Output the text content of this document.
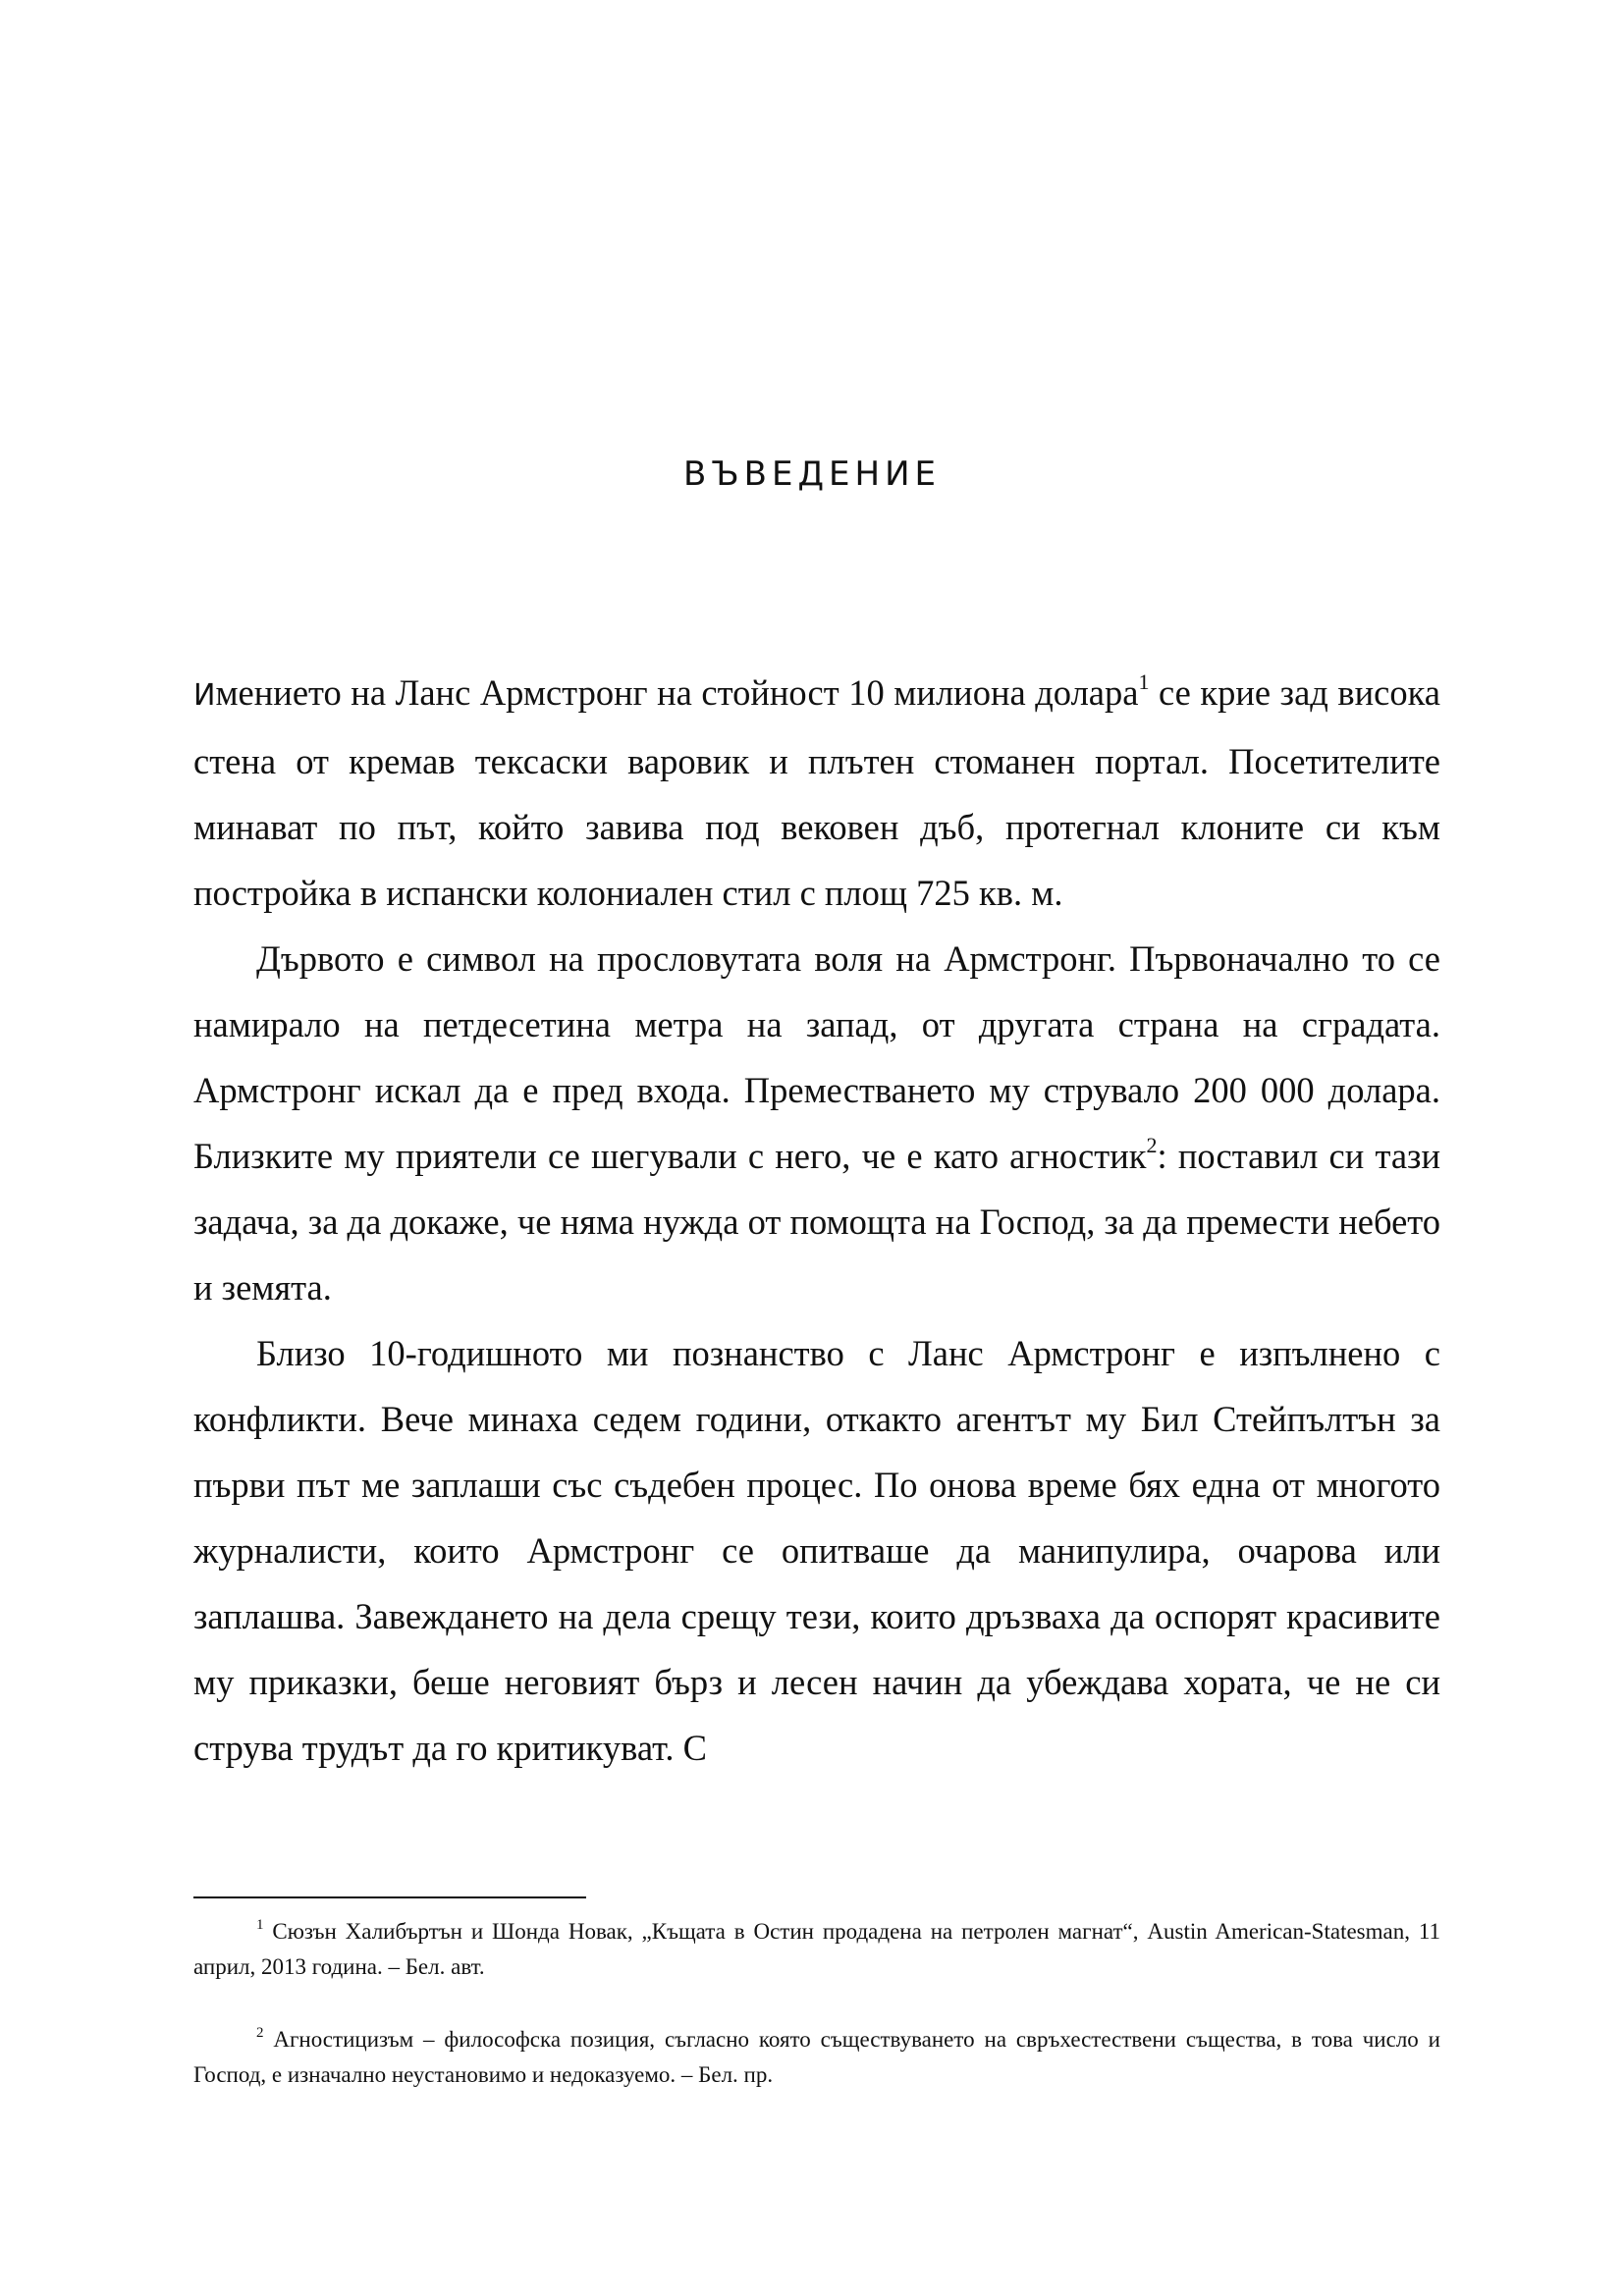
ВЪВЕДЕНИЕ

Имението на Ланс Армстронг на стойност 10 милиона долара$^1$ се крие зад висока стена от кремав тексаски варовик и плътен стоманен портал. Посетителите минават по път, който завива под вековен дъб, протегнал клоните си към постройка в испански колониален стил с площ 725 кв. м.

Дървото е символ на прословутата воля на Армстронг. Първоначално то се намирало на петдесетина метра на запад, от другата страна на сградата. Армстронг искал да е пред входа. Преместването му струвало 200 000 долара. Близките му приятели се шегували с него, че е като агностик$^2$: поставил си тази задача, за да докаже, че няма нужда от помощта на Господ, за да премести небето и земята.

Близо 10-годишното ми познанство с Ланс Армстронг е изпълнено с конфликти. Вече минаха седем години, откакто агентът му Бил Стейпълтън за първи път ме заплаши със съдебен процес. По онова време бях една от многото журналисти, които Армстронг се опитваше да манипулира, очарова или заплашва. Завеждането на дела срещу тези, които дръзваха да оспорят красивите му приказки, беше неговият бърз и лесен начин да убеждава хората, че не си струва трудът да го критикуват. С

$^1$ Сюзън Халибъртън и Шонда Новак, „Къщата в Остин продадена на петролен магнат“, Austin American-Statesman, 11 април, 2013 година. – Бел. авт.

$^2$ Агностицизъм – философска позиция, съгласно която съществуването на свръхестествени същества, в това число и Господ, е изначално неустановимо и недоказуемо. – Бел. пр.
